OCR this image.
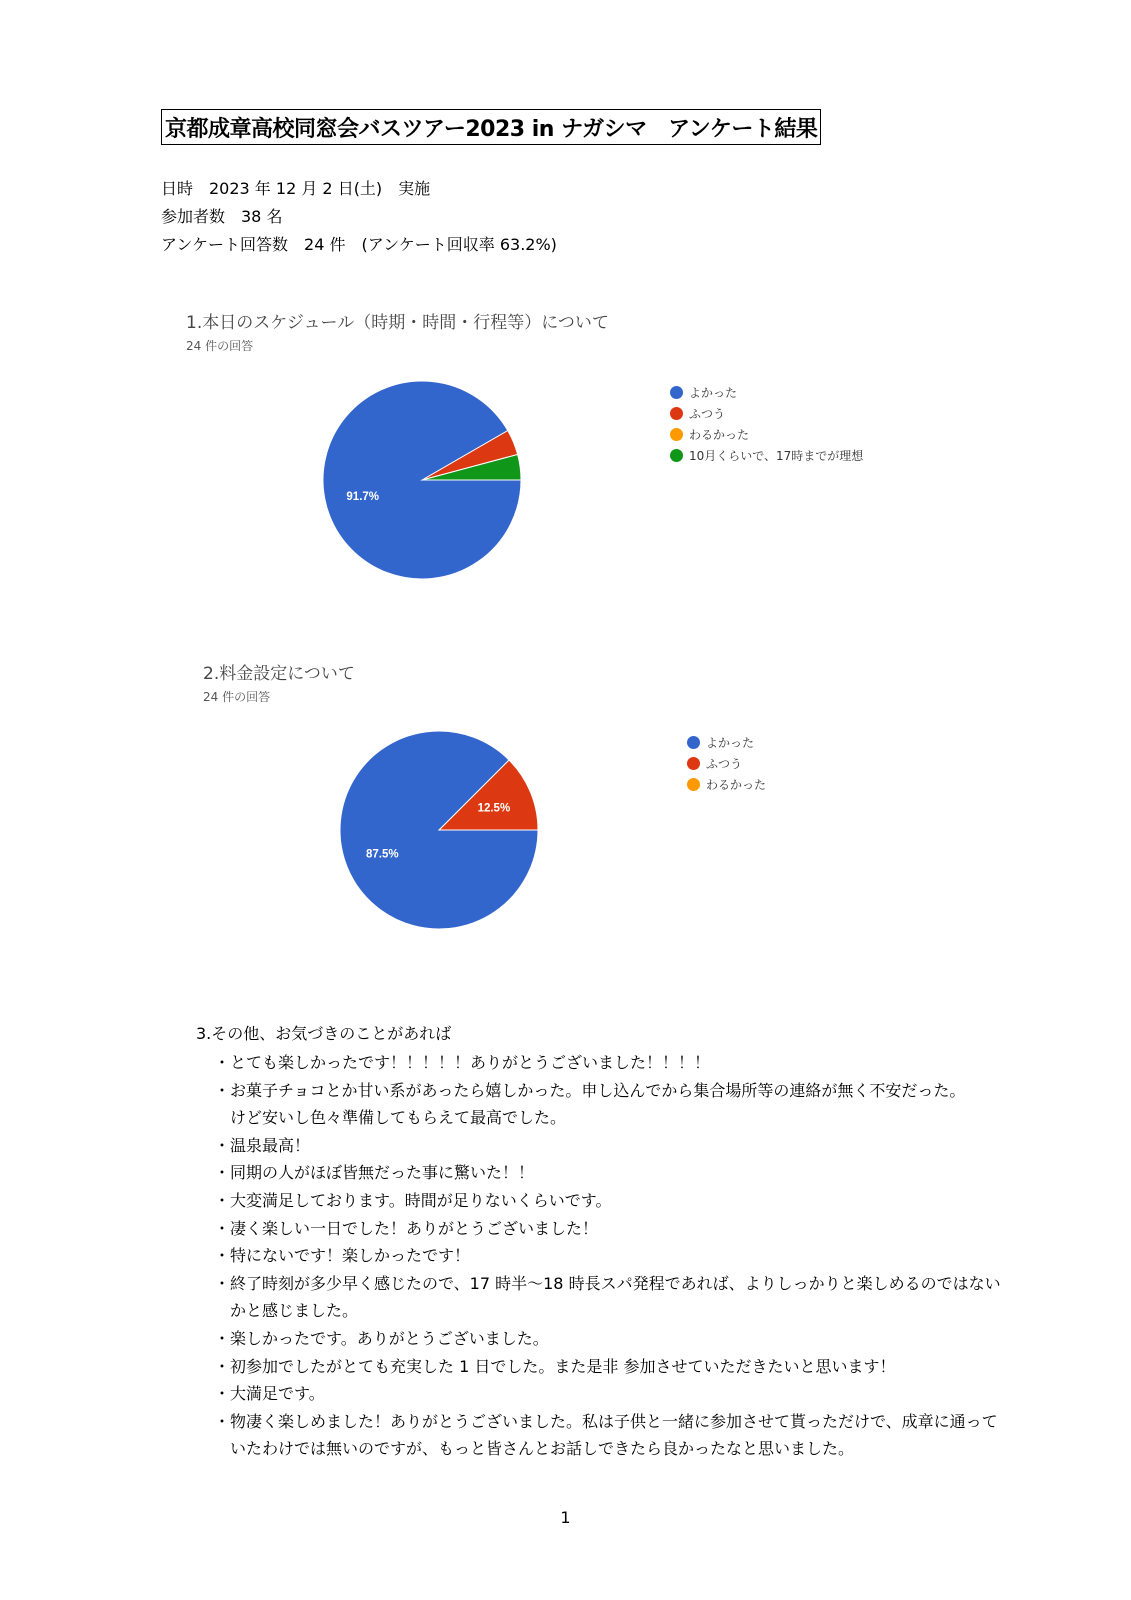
京都成章高校同窓会バスツアー2023 in ナガシマ　アンケート結果
日時　2023 年 12 月 2 日(土)　実施
参加者数　38 名
アンケート回答数　24 件　(アンケート回収率 63.2%)
1.本日のスケジュール（時期・時間・行程等）について
24 件の回答
91.7%
よかった
ふつう
わるかった
10月くらいで、17時までが理想
2.料金設定について
24 件の回答
12.5%
87.5%
よかった
ふつう
わるかった
3.その他、お気づきのことがあれば
・とても楽しかったです！！！！！ありがとうございました！！！！
・お菓子チョコとか甘い系があったら嬉しかった。申し込んでから集合場所等の連絡が無く不安だった。
　けど安いし色々準備してもらえて最高でした。
・温泉最高！
・同期の人がほぼ皆無だった事に驚いた！！
・大変満足しております。時間が足りないくらいです。
・凄く楽しい一日でした！ありがとうございました！
・特にないです！楽しかったです！
・終了時刻が多少早く感じたので、17 時半～18 時長スパ発程であれば、よりしっかりと楽しめるのではない
　かと感じました。
・楽しかったです。ありがとうございました。
・初参加でしたがとても充実した 1 日でした。また是非 参加させていただきたいと思います！
・大満足です。
・物凄く楽しめました！ありがとうございました。私は子供と一緒に参加させて貰っただけで、成章に通って
　いたわけでは無いのですが、もっと皆さんとお話しできたら良かったなと思いました。
1
